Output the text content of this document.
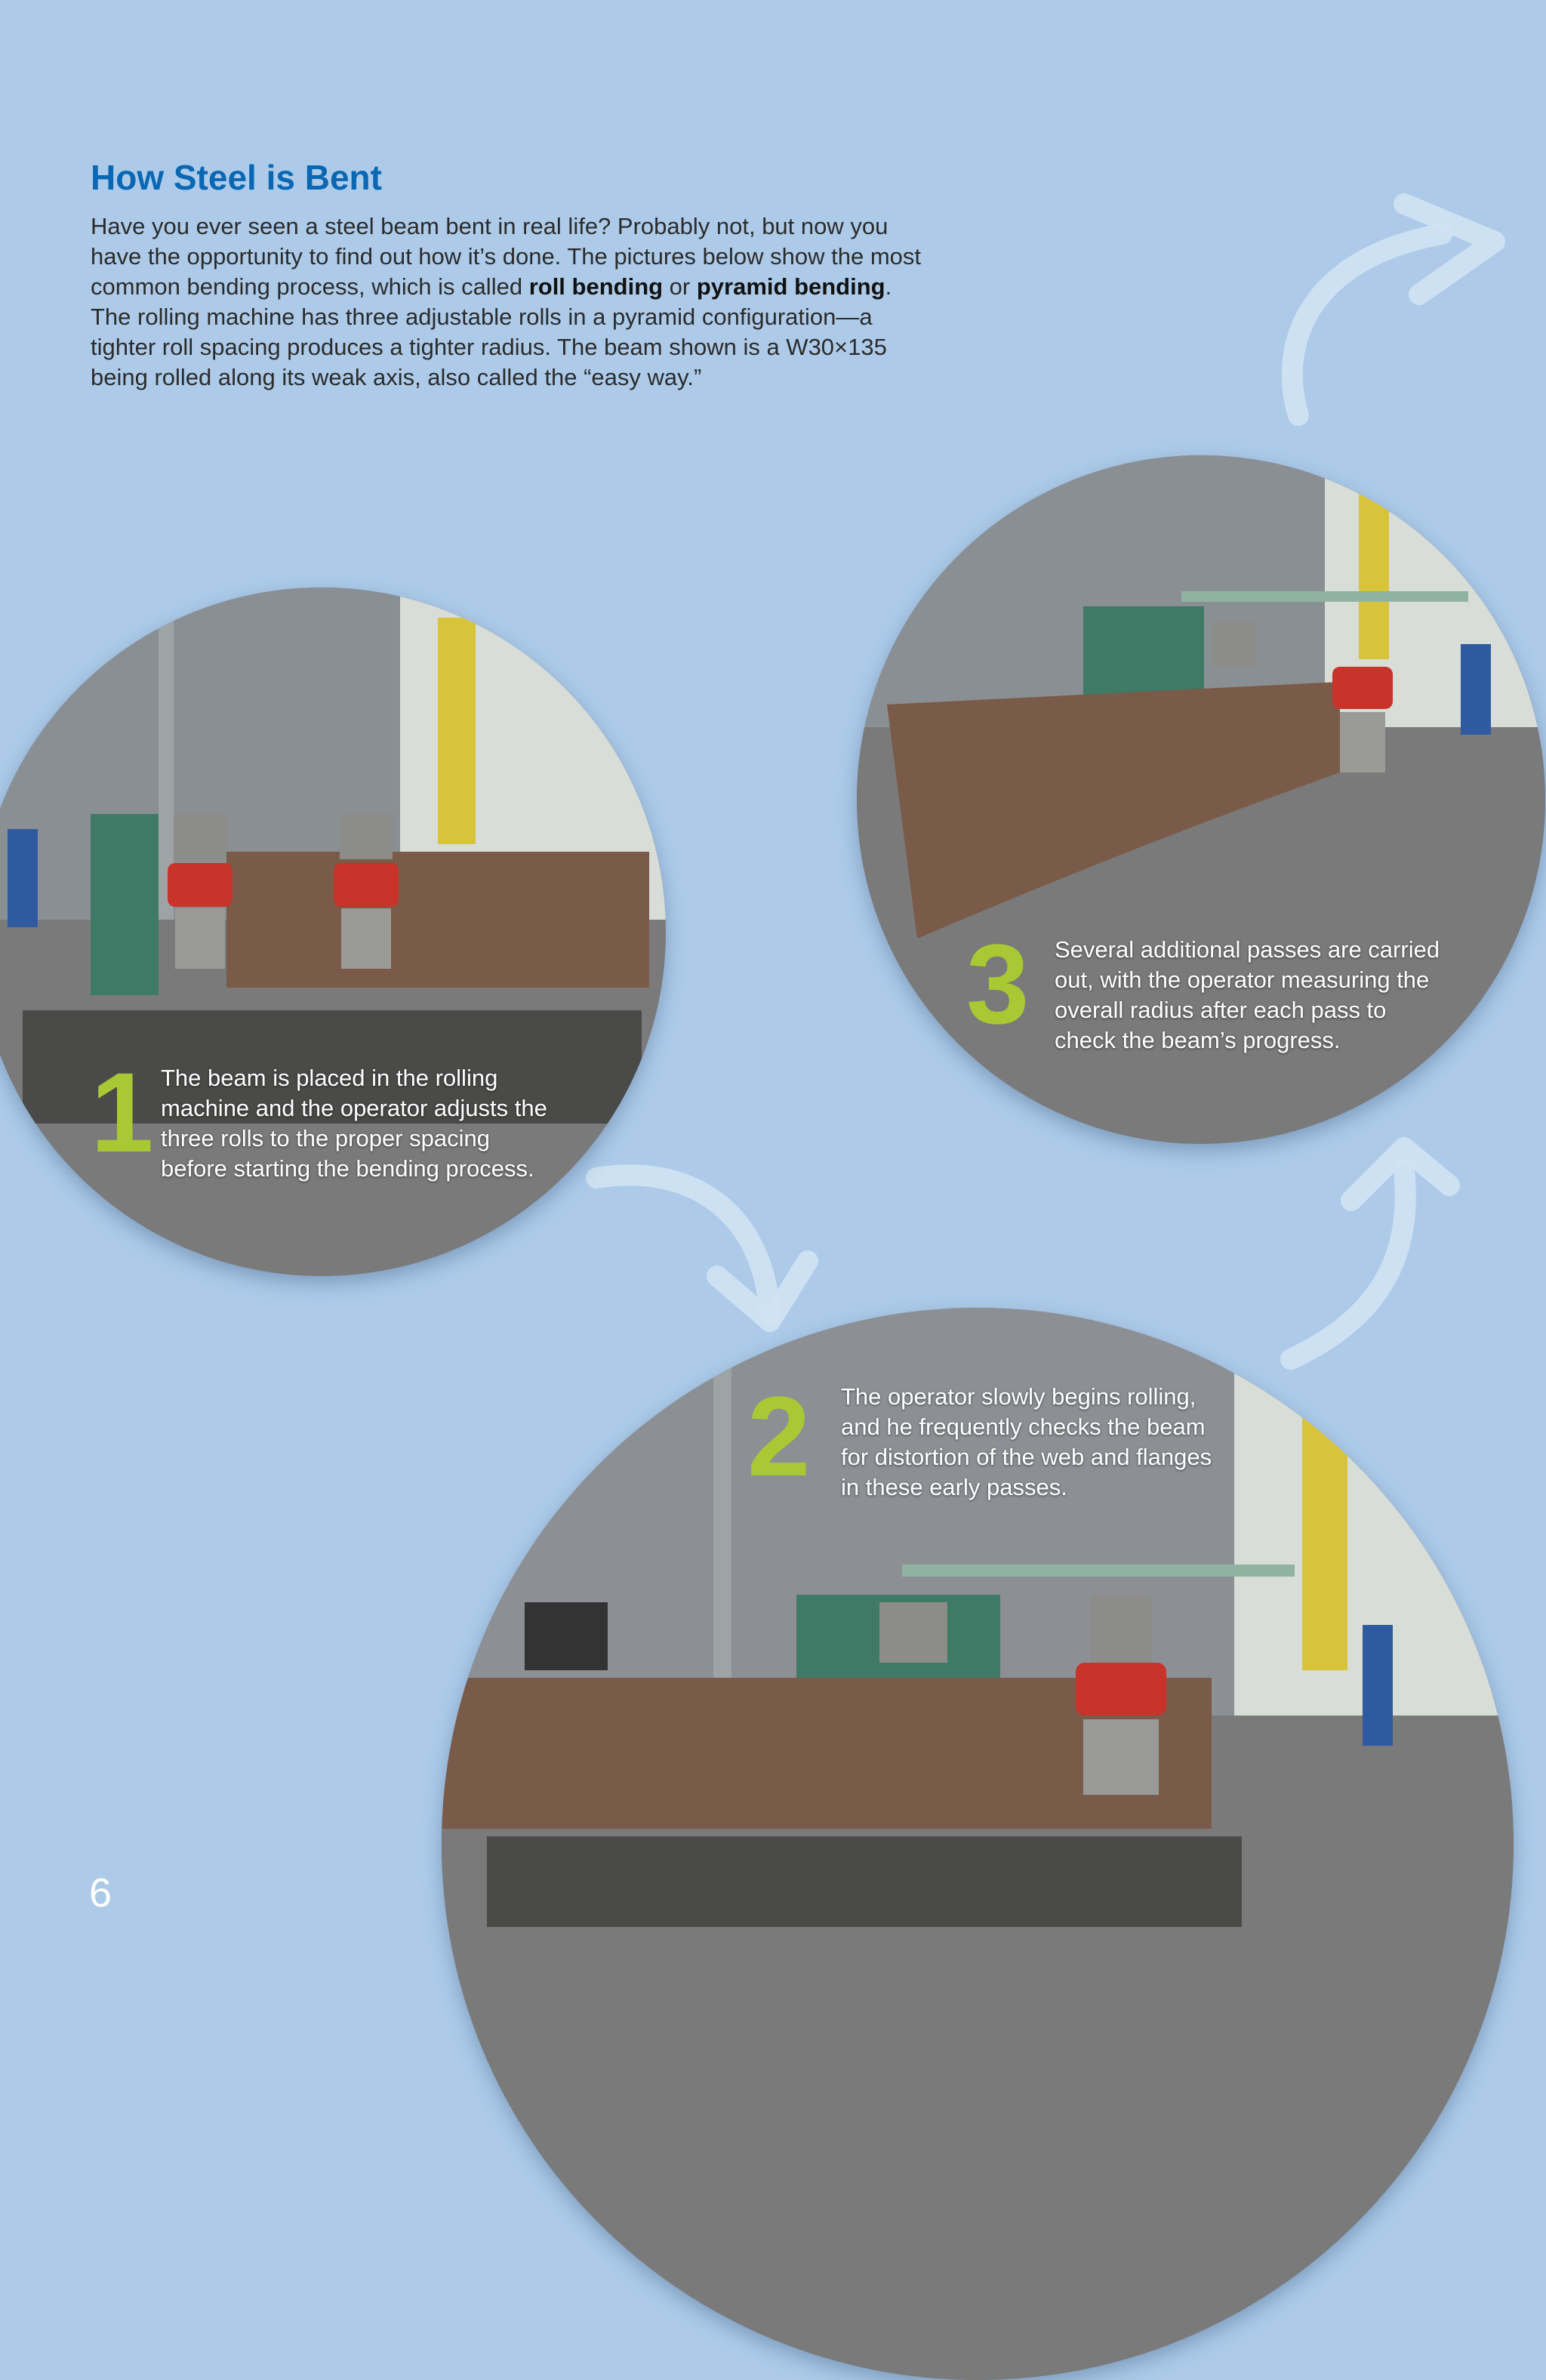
How Steel is Bent

Have you ever seen a steel beam bent in real life? Probably not, but now you have the opportunity to find out how it’s done. The pictures below show the most common bending process, which is called roll bending or pyramid bending. The rolling machine has three adjustable rolls in a pyramid configuration—a tighter roll spacing produces a tighter radius. The beam shown is a W30×135 being rolled along its weak axis, also called the “easy way.”

1 The beam is placed in the rolling machine and the operator adjusts the three rolls to the proper spacing before starting the bending process.
3 Several additional passes are carried out, with the operator measuring the overall radius after each pass to check the beam’s progress.
2 The operator slowly begins rolling, and he frequently checks the beam for distortion of the web and flanges in these early passes.
6
